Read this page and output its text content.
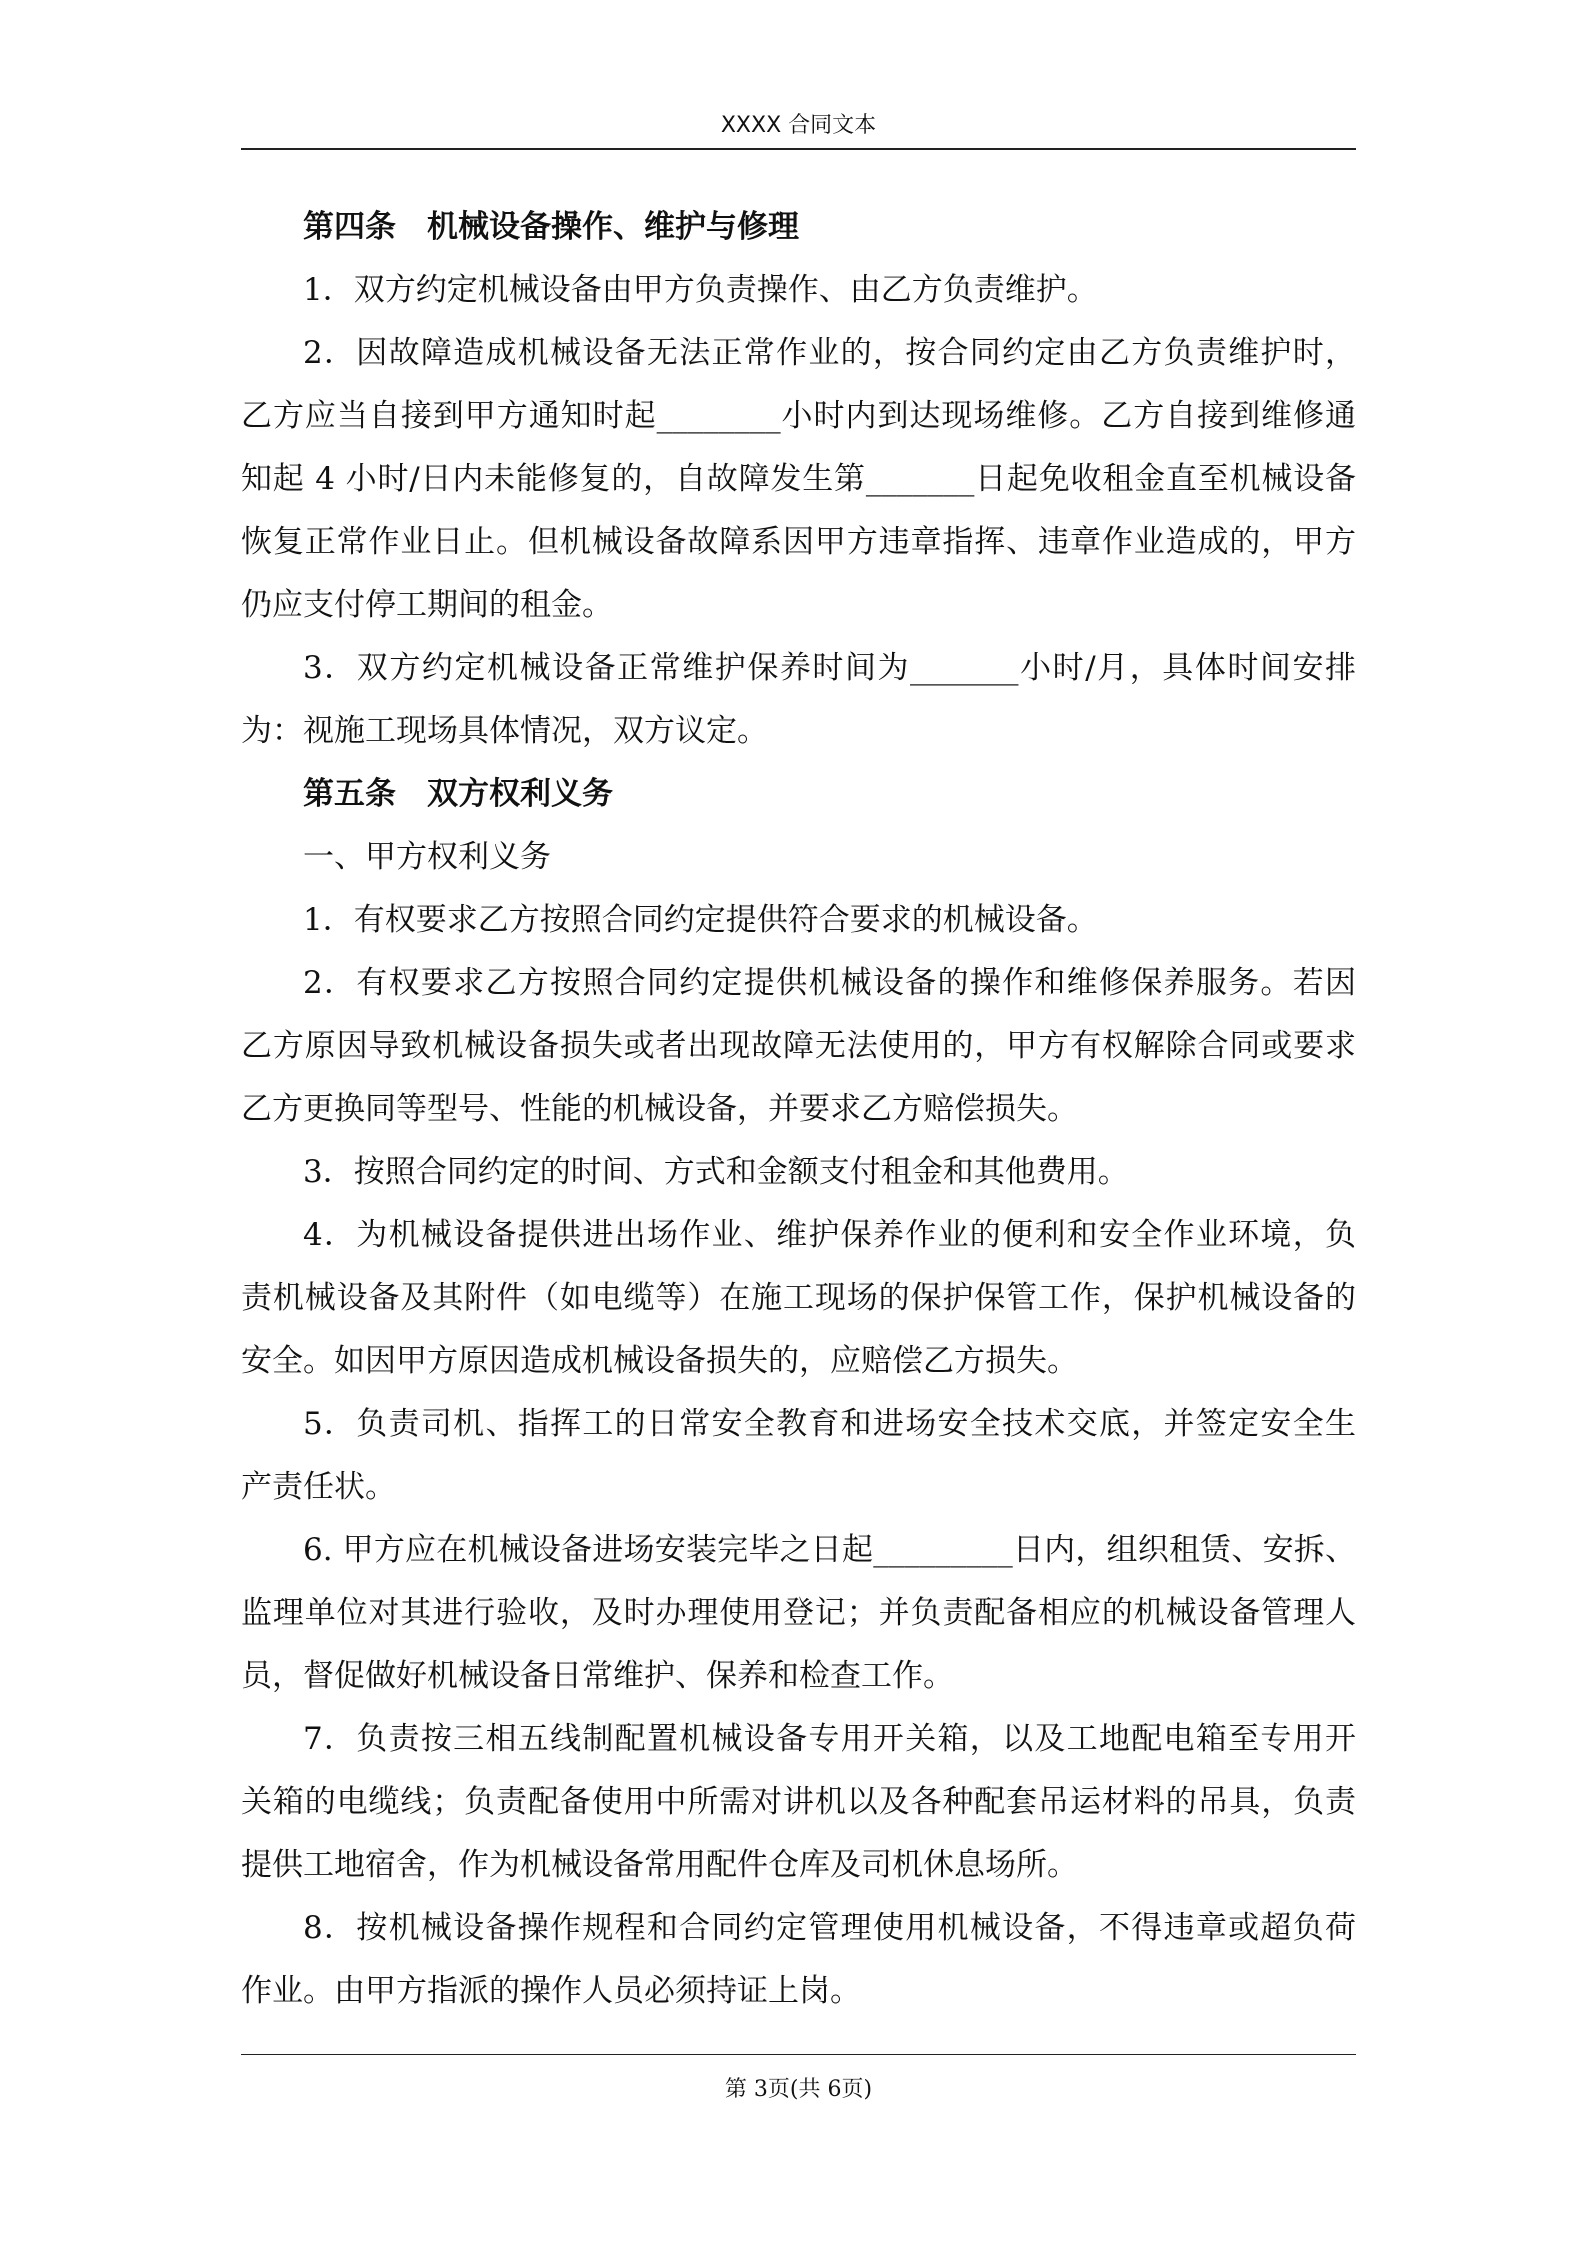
XXXX 合同文本
第四条　机械设备操作、维护与修理
1．双方约定机械设备由甲方负责操作、由乙方负责维护。
2．因故障造成机械设备无法正常作业的，按合同约定由乙方负责维护时，
乙方应当自接到甲方通知时起________小时内到达现场维修。乙方自接到维修通
知起 4 小时/日内未能修复的，自故障发生第_______日起免收租金直至机械设备
恢复正常作业日止。但机械设备故障系因甲方违章指挥、违章作业造成的，甲方
仍应支付停工期间的租金。
3．双方约定机械设备正常维护保养时间为_______小时/月，具体时间安排
为：视施工现场具体情况，双方议定。
第五条　双方权利义务
一、甲方权利义务
1．有权要求乙方按照合同约定提供符合要求的机械设备。
2．有权要求乙方按照合同约定提供机械设备的操作和维修保养服务。若因
乙方原因导致机械设备损失或者出现故障无法使用的，甲方有权解除合同或要求
乙方更换同等型号、性能的机械设备，并要求乙方赔偿损失。
3．按照合同约定的时间、方式和金额支付租金和其他费用。
4．为机械设备提供进出场作业、维护保养作业的便利和安全作业环境，负
责机械设备及其附件（如电缆等）在施工现场的保护保管工作，保护机械设备的
安全。如因甲方原因造成机械设备损失的，应赔偿乙方损失。
5．负责司机、指挥工的日常安全教育和进场安全技术交底，并签定安全生
产责任状。
6. 甲方应在机械设备进场安装完毕之日起_________日内，组织租赁、安拆、
监理单位对其进行验收，及时办理使用登记；并负责配备相应的机械设备管理人
员，督促做好机械设备日常维护、保养和检查工作。
7．负责按三相五线制配置机械设备专用开关箱，以及工地配电箱至专用开
关箱的电缆线；负责配备使用中所需对讲机以及各种配套吊运材料的吊具，负责
提供工地宿舍，作为机械设备常用配件仓库及司机休息场所。
8．按机械设备操作规程和合同约定管理使用机械设备，不得违章或超负荷
作业。由甲方指派的操作人员必须持证上岗。
第 3页(共 6页)
